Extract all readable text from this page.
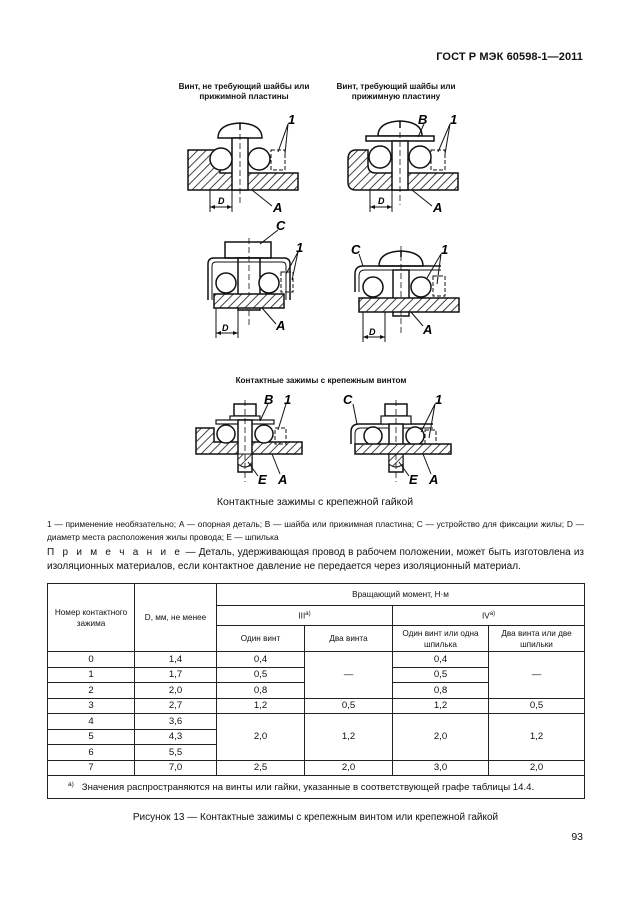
ГОСТ Р МЭК 60598-1—2011
Винт, не требующий шайбы или прижимной пластины
Винт, требующий шайбы или прижимную пластину
D
1
A	D
B 1
A
D
C
1
A	D
C	1
A
Контактные зажимы с крепежным винтом
B 1
E A
C	1
E A
Контактные зажимы с крепежной гайкой
1 — применение необязательно; A — опорная деталь; B — шайба или прижимная пластина; C — устройство для фиксации жилы; D — диаметр места расположения жилы провода; E — шпилька
П р и м е ч а н и е — Деталь, удерживающая провод в рабочем положении, может быть изготовлена из изоляционных материалов, если контактное давление не передается через изоляционный материал.
Номер контактного зажима	D, мм, не менее	Вращающий момент, Н·м			
		III$^{a)}$		IV$^{a)}$
		Один винт	Два винта	Один винт или одна шпилька	Два винта или две шпильки
0	1,4	0,4	—	0,4	—
1	1,7	0,5		0,5	
2	2,0	0,8		0,8	
3	2,7	1,2	0,5	1,2	0,5
4	3,6	2,0	1,2	2,0	1,2
5	4,3				
6	5,5				
7	7,0	2,5	2,0	3,0	2,0
$^{a)}$ Значения распространяются на винты или гайки, указанные в соответствующей графе таблицы 14.4.					
Рисунок 13 — Контактные зажимы с крепежным винтом или крепежной гайкой
93
